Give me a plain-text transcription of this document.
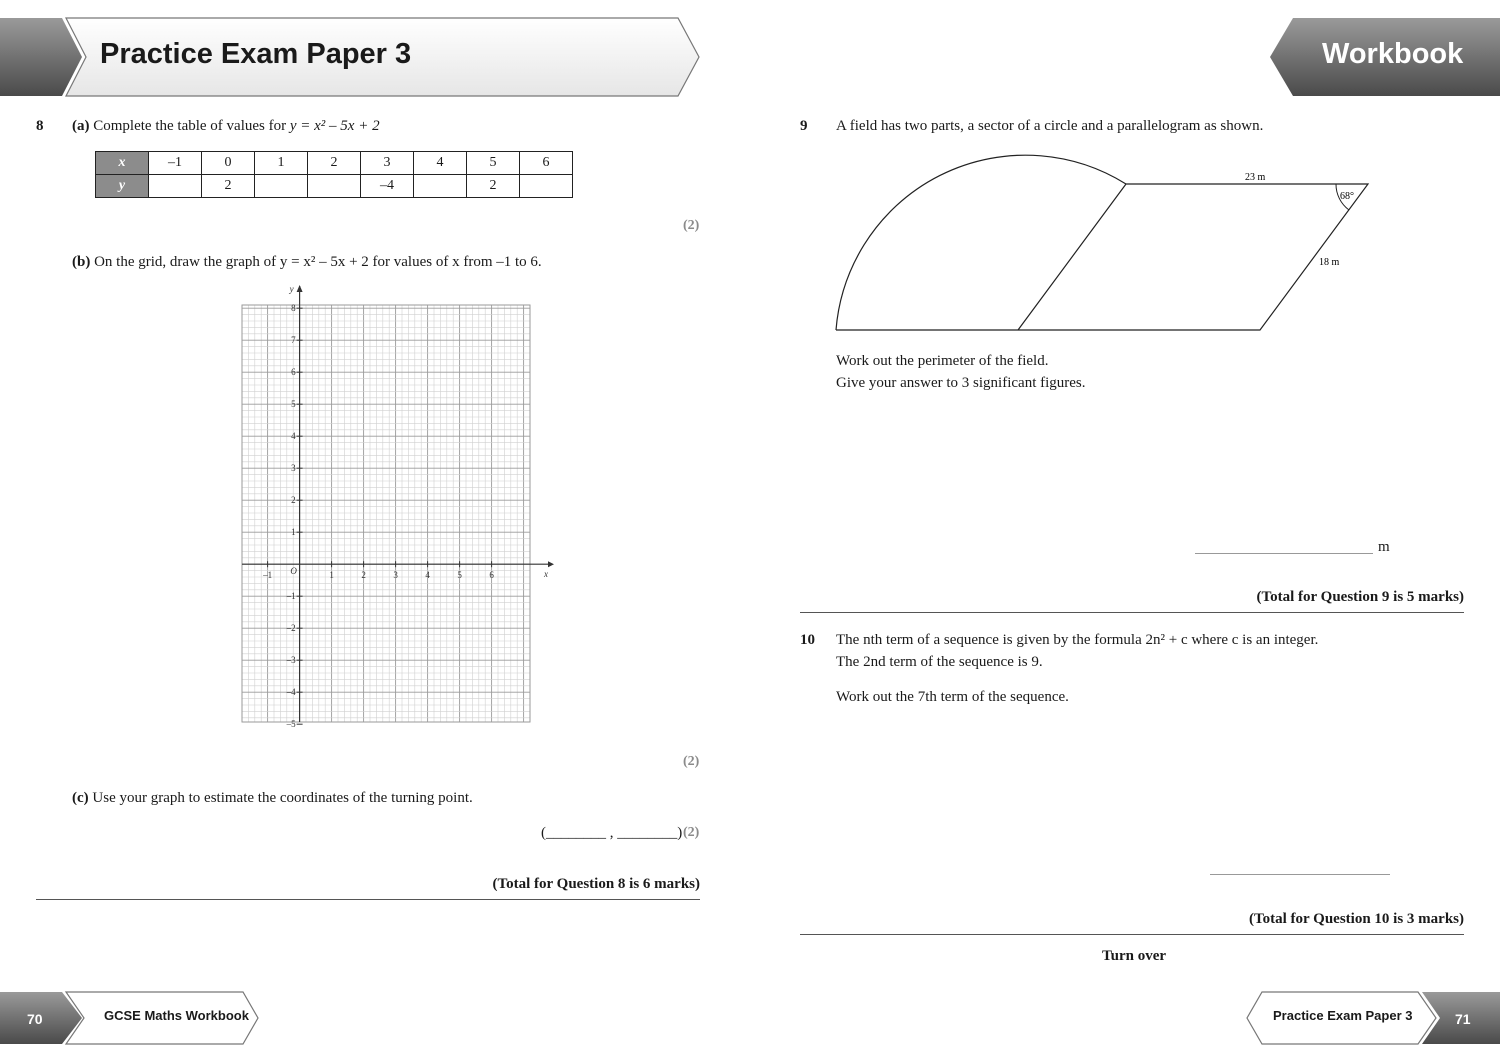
Practice Exam Paper 3	Workbook
8 (a) Complete the table of values for y = x² – 5x + 2
x	–1	0	1	2	3	4	5	6
y		2			–4		2	
(2)
(b) On the grid, draw the graph of y = x² – 5x + 2 for values of x from –1 to 6.
–1	1	2	3	4	5	6
8
7
6
5
4
3
2
1
–1
–2
–3
–4
–5
O	x
y
(2)
(c) Use your graph to estimate the coordinates of the turning point.
(________ , ________) (2)
(Total for Question 8 is 6 marks)
9 A field has two parts, a sector of a circle and a parallelogram as shown.
23 m
68°
18 m
Work out the perimeter of the field.
Give your answer to 3 significant figures.
m
(Total for Question 9 is 5 marks)
10 The nth term of a sequence is given by the formula 2n² + c where c is an integer.
The 2nd term of the sequence is 9.
Work out the 7th term of the sequence.
(Total for Question 10 is 3 marks)
Turn over
70	GCSE Maths Workbook	Practice Exam Paper 3	71
